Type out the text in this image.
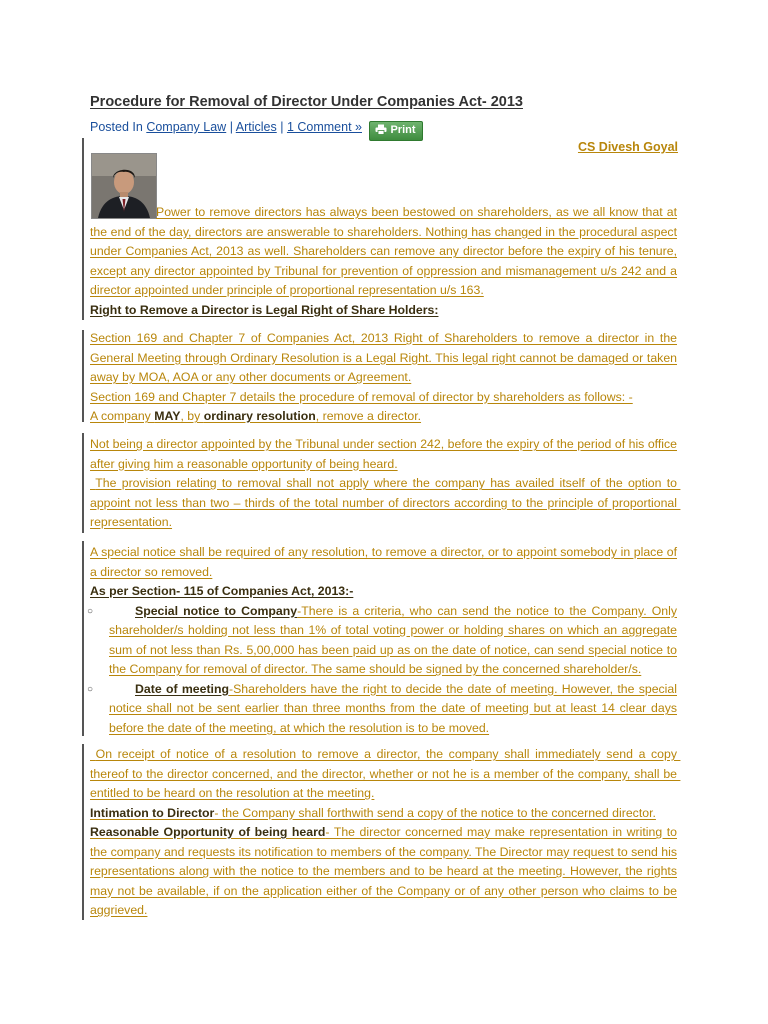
Procedure for Removal of Director Under Companies Act- 2013
Posted In Company Law | Articles | 1 Comment »	Print
CS Divesh Goyal

Power to remove directors has always been bestowed on shareholders, as we all know that at the end of the day, directors are answerable to shareholders. Nothing has changed in the procedural aspect under Companies Act, 2013 as well. Shareholders can remove any director before the expiry of his tenure, except any director appointed by Tribunal for prevention of oppression and mismanagement u/s 242 and a director appointed under principle of proportional representation u/s 163.

Right to Remove a Director is Legal Right of Share Holders:

Section 169 and Chapter 7 of Companies Act, 2013 Right of Shareholders to remove a director in the General Meeting through Ordinary Resolution is a Legal Right. This legal right cannot be damaged or taken away by MOA, AOA or any other documents or Agreement.

Section 169 and Chapter 7 details the procedure of removal of director by shareholders as follows: -

A company MAY, by ordinary resolution, remove a director.

Not being a director appointed by the Tribunal under section 242, before the expiry of the period of his office after giving him a reasonable opportunity of being heard.

The provision relating to removal shall not apply where the company has availed itself of the option to appoint not less than two – thirds of the total number of directors according to the principle of proportional representation.

A special notice shall be required of any resolution, to remove a director, or to appoint somebody in place of a director so removed.

As per Section- 115 of Companies Act, 2013:-

○	Special notice to Company-There is a criteria, who can send the notice to the Company. Only shareholder/s holding not less than 1% of total voting power or holding shares on which an aggregate sum of not less than Rs. 5,00,000 has been paid up as on the date of notice, can send special notice to the Company for removal of director. The same should be signed by the concerned shareholder/s.
○	Date of meeting-Shareholders have the right to decide the date of meeting. However, the special notice shall not be sent earlier than three months from the date of meeting but at least 14 clear days before the date of the meeting, at which the resolution is to be moved.

On receipt of notice of a resolution to remove a director, the company shall immediately send a copy thereof to the director concerned, and the director, whether or not he is a member of the company, shall be entitled to be heard on the resolution at the meeting.

Intimation to Director- the Company shall forthwith send a copy of the notice to the concerned director.

Reasonable Opportunity of being heard- The director concerned may make representation in writing to the company and requests its notification to members of the company. The Director may request to send his representations along with the notice to the members and to be heard at the meeting. However, the rights may not be available, if on the application either of the Company or of any other person who claims to be aggrieved.
